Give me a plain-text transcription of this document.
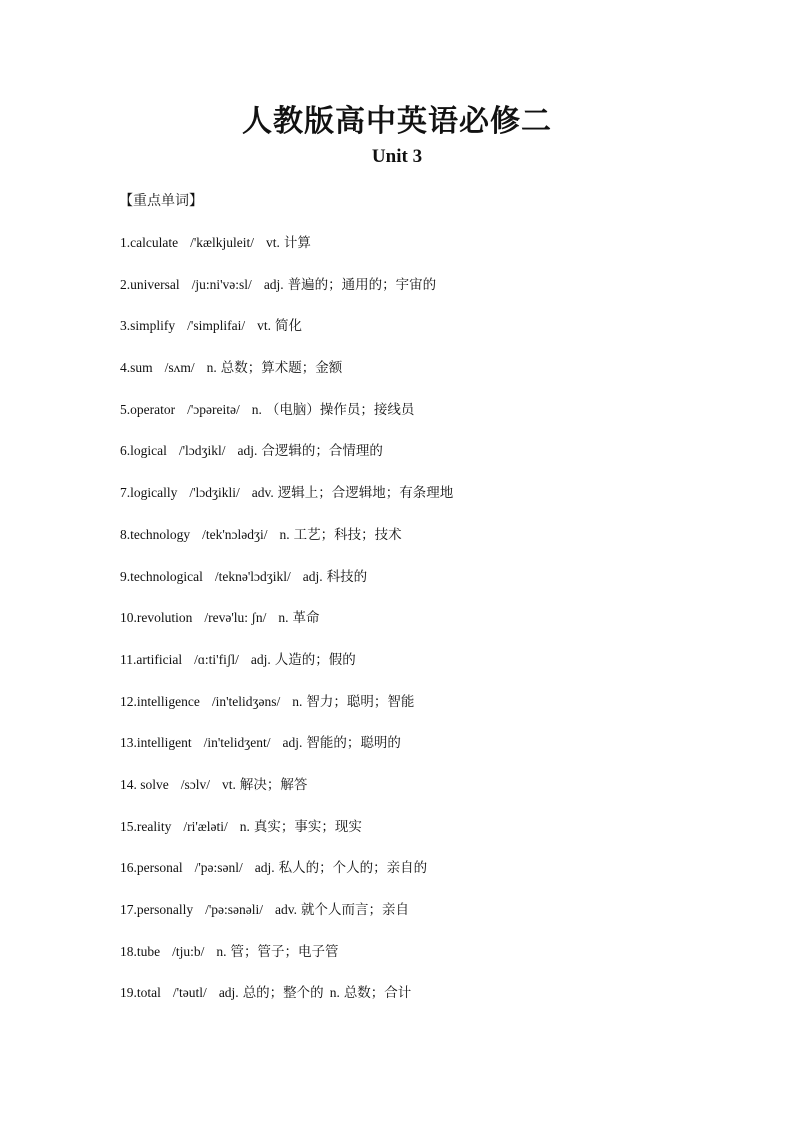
人教版高中英语必修二
Unit 3
【重点单词】
1.calculate /'kælkjuleit/ vt. 计算
2.universal /ju:ni'və:sl/ adj. 普遍的；通用的；宇宙的
3.simplify /'simplifai/ vt. 简化
4.sum /sʌm/ n. 总数；算术题；金额
5.operator /'ɔpəreitə/ n. （电脑）操作员；接线员
6.logical /'lɔdʒikl/ adj. 合逻辑的；合情理的
7.logically /'lɔdʒikli/ adv. 逻辑上；合逻辑地；有条理地
8.technology /tek'nɔlədʒi/ n. 工艺；科技；技术
9.technological /teknə'lɔdʒikl/ adj. 科技的
10.revolution /revə'lu: ʃn/ n. 革命
11.artificial /ɑ:ti'fiʃl/ adj. 人造的；假的
12.intelligence /in'telidʒəns/ n. 智力；聪明；智能
13.intelligent /in'telidʒent/ adj. 智能的；聪明的
14. solve /sɔlv/ vt. 解决；解答
15.reality /ri'æləti/ n. 真实；事实；现实
16.personal /'pə:sənl/ adj. 私人的；个人的；亲自的
17.personally /'pə:sənəli/ adv. 就个人而言；亲自
18.tube /tju:b/ n. 管；管子；电子管
19.total /'təutl/ adj. 总的；整个的 n. 总数；合计
